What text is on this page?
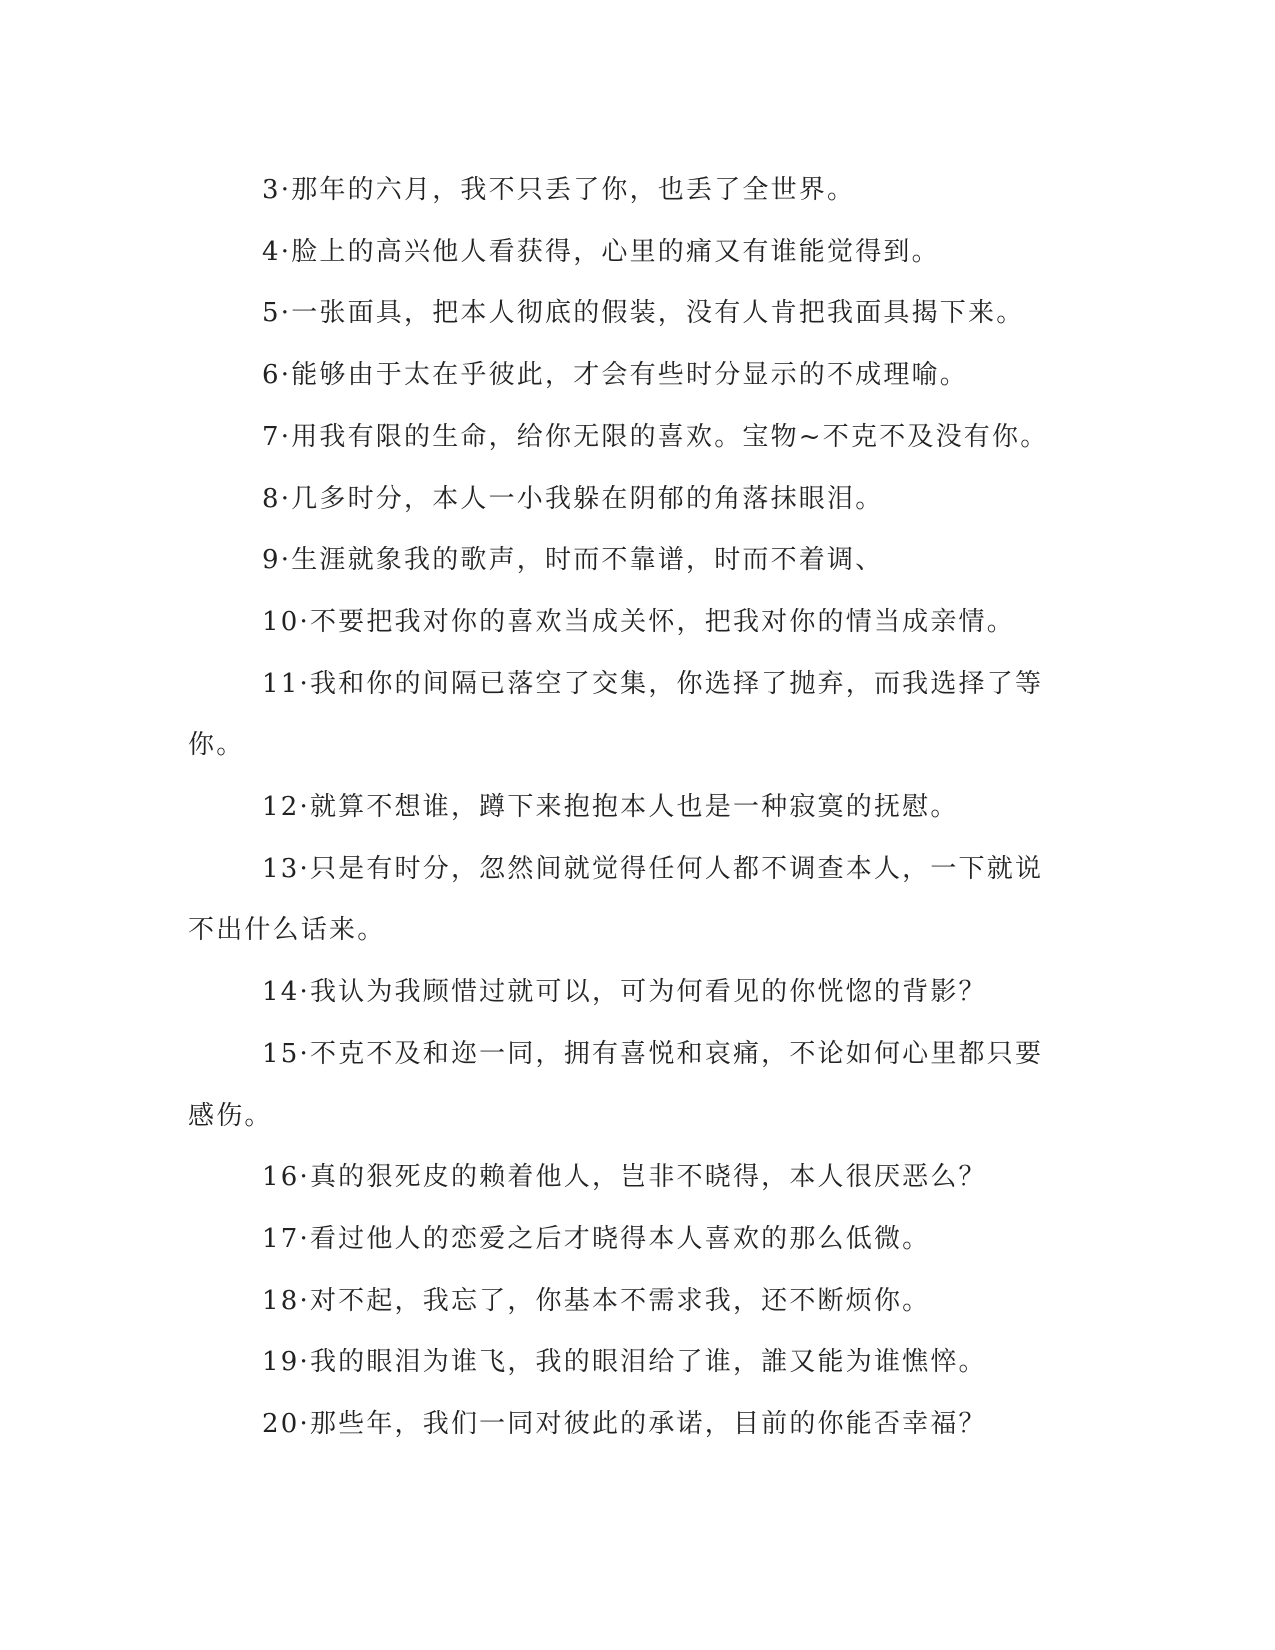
3·那年的六月，我不只丢了你，也丢了全世界。

4·脸上的高兴他人看获得，心里的痛又有谁能觉得到。

5·一张面具，把本人彻底的假装，没有人肯把我面具揭下来。

6·能够由于太在乎彼此，才会有些时分显示的不成理喻。

7·用我有限的生命，给你无限的喜欢。宝物~不克不及没有你。

8·几多时分，本人一小我躲在阴郁的角落抹眼泪。

9·生涯就象我的歌声，时而不靠谱，时而不着调、

10·不要把我对你的喜欢当成关怀，把我对你的情当成亲情。

11·我和你的间隔已落空了交集，你选择了抛弃，而我选择了等你。

12·就算不想谁，蹲下来抱抱本人也是一种寂寞的抚慰。

13·只是有时分，忽然间就觉得任何人都不调查本人，一下就说不出什么话来。

14·我认为我顾惜过就可以，可为何看见的你恍惚的背影？

15·不克不及和迩一同，拥有喜悦和哀痛，不论如何心里都只要感伤。

16·真的狠死皮的赖着他人，岂非不晓得，本人很厌恶么？

17·看过他人的恋爱之后才晓得本人喜欢的那么低微。

18·对不起，我忘了，你基本不需求我，还不断烦你。

19·我的眼泪为谁飞，我的眼泪给了谁，誰又能为谁憔悴。

20·那些年，我们一同对彼此的承诺，目前的你能否幸福？
